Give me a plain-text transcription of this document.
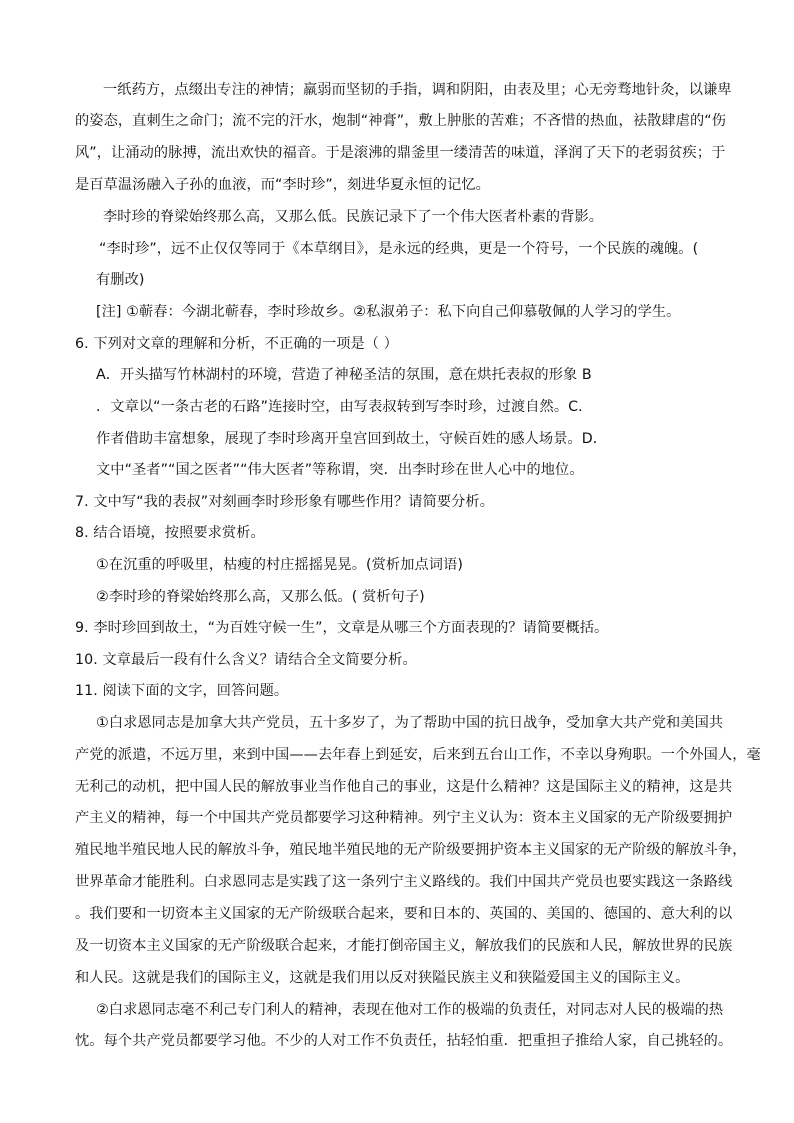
一纸药方，点缀出专注的神情；羸弱而坚韧的手指，调和阴阳，由表及里；心无旁骛地针灸，以谦卑
的姿态，直刺生之命门；流不完的汗水，炮制“神膏”，敷上肿胀的苦难；不吝惜的热血，祛散肆虐的“伤
风”，让涌动的脉搏，流出欢快的福音。于是滚沸的鼎釜里一缕清苦的味道，泽润了天下的老弱贫疾；于
是百草温汤融入子孙的血液，而“李时珍”，刻进华夏永恒的记忆。
李时珍的脊梁始终那么高，又那么低。民族记录下了一个伟大医者朴素的背影。
“李时珍”，远不止仅仅等同于《本草纲目》，是永远的经典，更是一个符号，一个民族的魂魄。(
有删改)
[注] ①蕲春：今湖北蕲春，李时珍故乡。②私淑弟子：私下向自己仰慕敬佩的人学习的学生。
6. 下列对文章的理解和分析，不正确的一项是（ ）
A．开头描写竹林湖村的环境，营造了神秘圣洁的氛围，意在烘托表叔的形象 B
．文章以“一条古老的石路”连接时空，由写表叔转到写李时珍，过渡自然。C．
作者借助丰富想象，展现了李时珍离开皇宫回到故土，守候百姓的感人场景。D．
文中“圣者”“国之医者”“伟大医者”等称谓，突．出李时珍在世人心中的地位。
7. 文中写“我的表叔”对刻画李时珍形象有哪些作用？请简要分析。
8. 结合语境，按照要求赏析。
①在沉重的呼吸里，枯瘦的村庄摇摇晃晃。(赏析加点词语)
②李时珍的脊梁始终那么高，又那么低。( 赏析句子)
9. 李时珍回到故土，“为百姓守候一生”，文章是从哪三个方面表现的？请简要概括。
10. 文章最后一段有什么含义？请结合全文简要分析。
11. 阅读下面的文字，回答问题。
①白求恩同志是加拿大共产党员，五十多岁了，为了帮助中国的抗日战争，受加拿大共产党和美国共
产党的派遣，不远万里，来到中国——去年春上到延安，后来到五台山工作，不幸以身殉职。一个外国人，毫
无利己的动机，把中国人民的解放事业当作他自己的事业，这是什么精神？这是国际主义的精神，这是共
产主义的精神，每一个中国共产党员都要学习这种精神。列宁主义认为：资本主义国家的无产阶级要拥护
殖民地半殖民地人民的解放斗争，殖民地半殖民地的无产阶级要拥护资本主义国家的无产阶级的解放斗争，
世界革命才能胜利。白求恩同志是实践了这一条列宁主义路线的。我们中国共产党员也要实践这一条路线
。我们要和一切资本主义国家的无产阶级联合起来，要和日本的、英国的、美国的、德国的、意大利的以
及一切资本主义国家的无产阶级联合起来，才能打倒帝国主义，解放我们的民族和人民，解放世界的民族
和人民。这就是我们的国际主义，这就是我们用以反对狭隘民族主义和狭隘爱国主义的国际主义。
②白求恩同志毫不利己专门利人的精神，表现在他对工作的极端的负责任，对同志对人民的极端的热
忱。每个共产党员都要学习他。不少的人对工作不负责任，拈轻怕重．把重担子推给人家，自己挑轻的。
